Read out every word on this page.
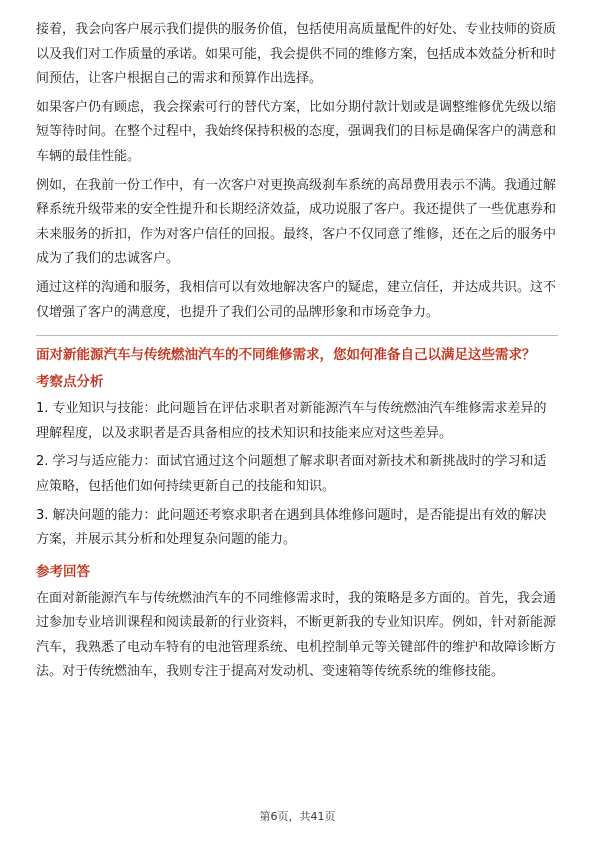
接着，我会向客户展示我们提供的服务价值，包括使用高质量配件的好处、专业技师的资质以及我们对工作质量的承诺。如果可能，我会提供不同的维修方案，包括成本效益分析和时间预估，让客户根据自己的需求和预算作出选择。

如果客户仍有顾虑，我会探索可行的替代方案，比如分期付款计划或是调整维修优先级以缩短等待时间。在整个过程中，我始终保持积极的态度，强调我们的目标是确保客户的满意和车辆的最佳性能。

例如，在我前一份工作中，有一次客户对更换高级刹车系统的高昂费用表示不满。我通过解释系统升级带来的安全性提升和长期经济效益，成功说服了客户。我还提供了一些优惠券和未来服务的折扣，作为对客户信任的回报。最终，客户不仅同意了维修，还在之后的服务中成为了我们的忠诚客户。

通过这样的沟通和服务，我相信可以有效地解决客户的疑虑，建立信任，并达成共识。这不仅增强了客户的满意度，也提升了我们公司的品牌形象和市场竞争力。

面对新能源汽车与传统燃油汽车的不同维修需求，您如何准备自己以满足这些需求？
考察点分析

1. 专业知识与技能：此问题旨在评估求职者对新能源汽车与传统燃油汽车维修需求差异的理解程度，以及求职者是否具备相应的技术知识和技能来应对这些差异。

2. 学习与适应能力：面试官通过这个问题想了解求职者面对新技术和新挑战时的学习和适应策略，包括他们如何持续更新自己的技能和知识。

3. 解决问题的能力：此问题还考察求职者在遇到具体维修问题时，是否能提出有效的解决方案，并展示其分析和处理复杂问题的能力。

参考回答

在面对新能源汽车与传统燃油汽车的不同维修需求时，我的策略是多方面的。首先，我会通过参加专业培训课程和阅读最新的行业资料，不断更新我的专业知识库。例如，针对新能源汽车，我熟悉了电动车特有的电池管理系统、电机控制单元等关键部件的维护和故障诊断方法。对于传统燃油车，我则专注于提高对发动机、变速箱等传统系统的维修技能。

第6页，共41页
